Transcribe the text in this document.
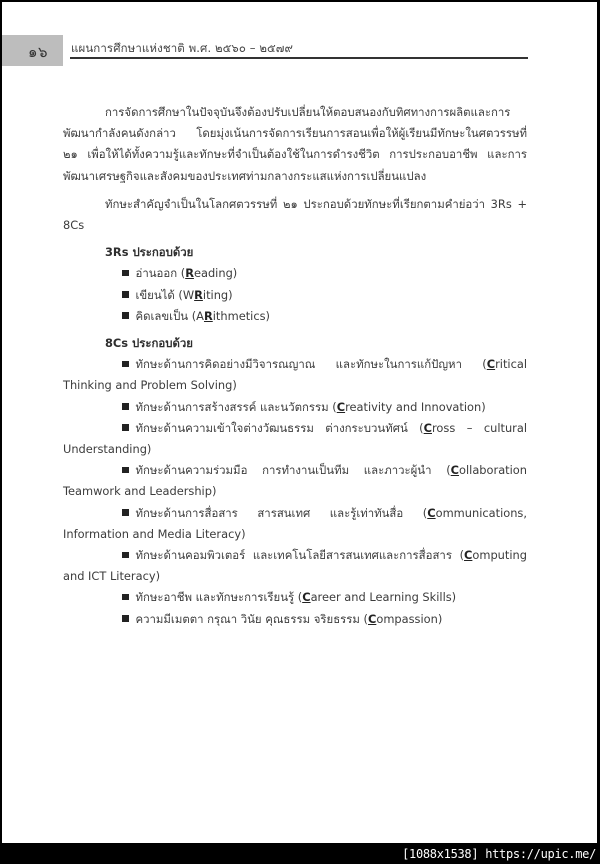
๑๖ แผนการศึกษาแห่งชาติ พ.ศ. ๒๕๖๐ – ๒๕๗๙

การจัดการศึกษาในปัจจุบันจึงต้องปรับเปลี่ยนให้ตอบสนองกับทิศทางการผลิตและการพัฒนากำลังคนดังกล่าว โดยมุ่งเน้นการจัดการเรียนการสอนเพื่อให้ผู้เรียนมีทักษะในศตวรรษที่ ๒๑ เพื่อให้ได้ทั้งความรู้และทักษะที่จำเป็นต้องใช้ในการดำรงชีวิต การประกอบอาชีพ และการพัฒนาเศรษฐกิจและสังคมของประเทศท่ามกลางกระแสแห่งการเปลี่ยนแปลง

ทักษะสำคัญจำเป็นในโลกศตวรรษที่ ๒๑ ประกอบด้วยทักษะที่เรียกตามคำย่อว่า 3Rs + 8Cs

3Rs ประกอบด้วย

อ่านออก (Reading)

เขียนได้ (WRiting)

คิดเลขเป็น (ARithmetics)

8Cs ประกอบด้วย

ทักษะด้านการคิดอย่างมีวิจารณญาณ และทักษะในการแก้ปัญหา (Critical Thinking and Problem Solving)

ทักษะด้านการสร้างสรรค์ และนวัตกรรม (Creativity and Innovation)

ทักษะด้านความเข้าใจต่างวัฒนธรรม ต่างกระบวนทัศน์ (Cross – cultural Understanding)

ทักษะด้านความร่วมมือ การทำงานเป็นทีม และภาวะผู้นำ (Collaboration Teamwork and Leadership)

ทักษะด้านการสื่อสาร สารสนเทศ และรู้เท่าทันสื่อ (Communications, Information and Media Literacy)

ทักษะด้านคอมพิวเตอร์ และเทคโนโลยีสารสนเทศและการสื่อสาร (Computing and ICT Literacy)

ทักษะอาชีพ และทักษะการเรียนรู้ (Career and Learning Skills)

ความมีเมตตา กรุณา วินัย คุณธรรม จริยธรรม (Compassion)

[1088x1538] https://upic.me/
